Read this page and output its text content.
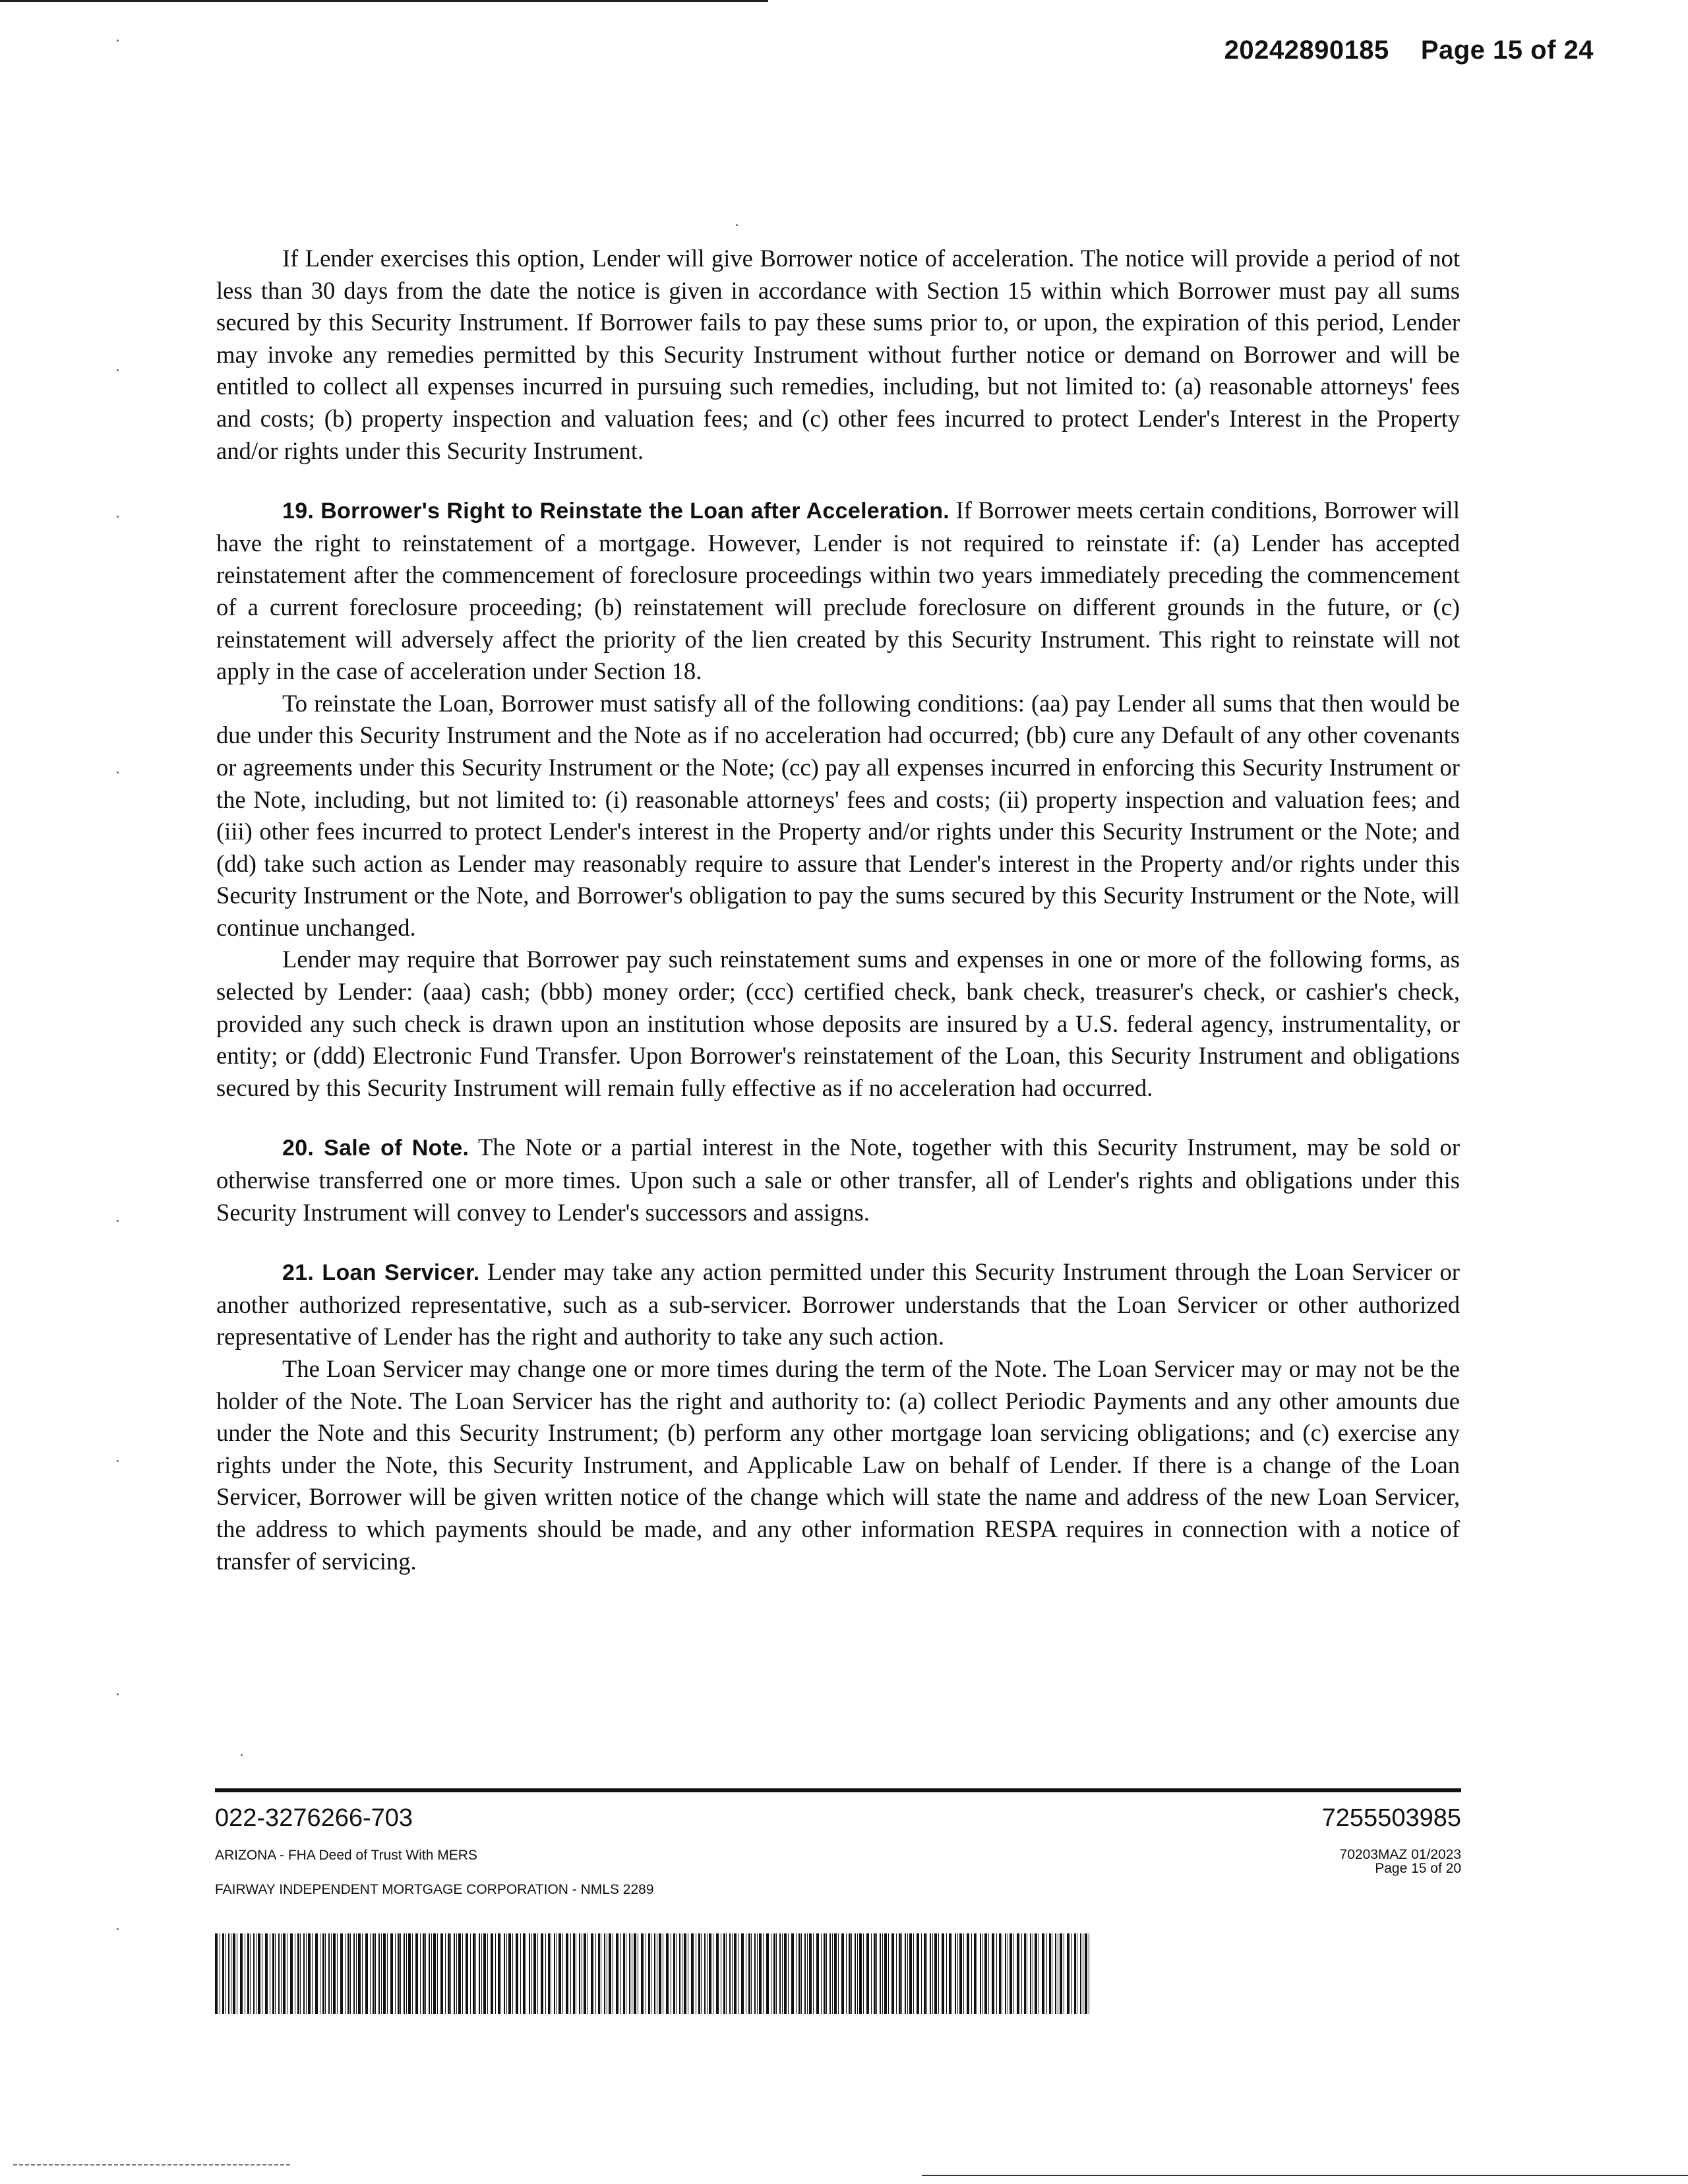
20242890185 Page 15 of 24

If Lender exercises this option, Lender will give Borrower notice of acceleration. The notice will provide a period of not less than 30 days from the date the notice is given in accordance with Section 15 within which Borrower must pay all sums secured by this Security Instrument. If Borrower fails to pay these sums prior to, or upon, the expiration of this period, Lender may invoke any remedies permitted by this Security Instrument without further notice or demand on Borrower and will be entitled to collect all expenses incurred in pursuing such remedies, including, but not limited to: (a) reasonable attorneys' fees and costs; (b) property inspection and valuation fees; and (c) other fees incurred to protect Lender's Interest in the Property and/or rights under this Security Instrument.

19. Borrower's Right to Reinstate the Loan after Acceleration. If Borrower meets certain conditions, Borrower will have the right to reinstatement of a mortgage. However, Lender is not required to reinstate if: (a) Lender has accepted reinstatement after the commencement of foreclosure proceedings within two years immediately preceding the commencement of a current foreclosure proceeding; (b) reinstatement will preclude foreclosure on different grounds in the future, or (c) reinstatement will adversely affect the priority of the lien created by this Security Instrument. This right to reinstate will not apply in the case of acceleration under Section 18.

To reinstate the Loan, Borrower must satisfy all of the following conditions: (aa) pay Lender all sums that then would be due under this Security Instrument and the Note as if no acceleration had occurred; (bb) cure any Default of any other covenants or agreements under this Security Instrument or the Note; (cc) pay all expenses incurred in enforcing this Security Instrument or the Note, including, but not limited to: (i) reasonable attorneys' fees and costs; (ii) property inspection and valuation fees; and (iii) other fees incurred to protect Lender's interest in the Property and/or rights under this Security Instrument or the Note; and (dd) take such action as Lender may reasonably require to assure that Lender's interest in the Property and/or rights under this Security Instrument or the Note, and Borrower's obligation to pay the sums secured by this Security Instrument or the Note, will continue unchanged.

Lender may require that Borrower pay such reinstatement sums and expenses in one or more of the following forms, as selected by Lender: (aaa) cash; (bbb) money order; (ccc) certified check, bank check, treasurer's check, or cashier's check, provided any such check is drawn upon an institution whose deposits are insured by a U.S. federal agency, instrumentality, or entity; or (ddd) Electronic Fund Transfer. Upon Borrower's reinstatement of the Loan, this Security Instrument and obligations secured by this Security Instrument will remain fully effective as if no acceleration had occurred.

20. Sale of Note. The Note or a partial interest in the Note, together with this Security Instrument, may be sold or otherwise transferred one or more times. Upon such a sale or other transfer, all of Lender's rights and obligations under this Security Instrument will convey to Lender's successors and assigns.

21. Loan Servicer. Lender may take any action permitted under this Security Instrument through the Loan Servicer or another authorized representative, such as a sub-servicer. Borrower understands that the Loan Servicer or other authorized representative of Lender has the right and authority to take any such action.

The Loan Servicer may change one or more times during the term of the Note. The Loan Servicer may or may not be the holder of the Note. The Loan Servicer has the right and authority to: (a) collect Periodic Payments and any other amounts due under the Note and this Security Instrument; (b) perform any other mortgage loan servicing obligations; and (c) exercise any rights under the Note, this Security Instrument, and Applicable Law on behalf of Lender. If there is a change of the Loan Servicer, Borrower will be given written notice of the change which will state the name and address of the new Loan Servicer, the address to which payments should be made, and any other information RESPA requires in connection with a notice of transfer of servicing.

022-3276266-703	7255503985
ARIZONA - FHA Deed of Trust With MERS	70203MAZ 01/2023
Page 15 of 20
FAIRWAY INDEPENDENT MORTGAGE CORPORATION - NMLS 2289
